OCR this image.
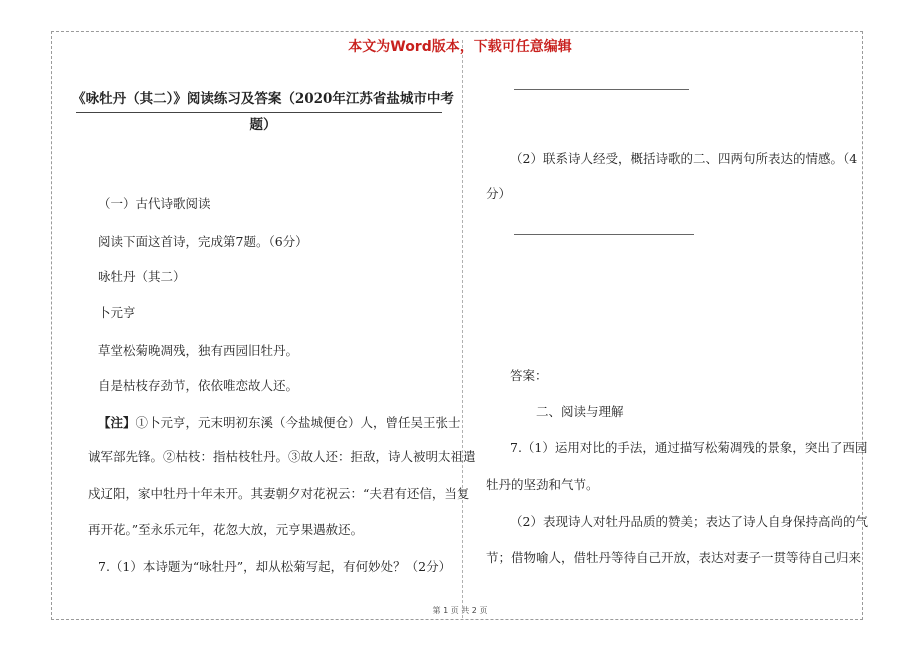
本文为Word版本，下载可任意编辑
《咏牡丹（其二）》阅读练习及答案（2020年江苏省盐城市中考
题）
（一）古代诗歌阅读
阅读下面这首诗，完成第7题。（6分）
咏牡丹（其二）
卜元亨
草堂松菊晚凋残，独有西园旧牡丹。
自是枯枝存劲节，依依唯恋故人还。
【注】①卜元亨，元末明初东溪（今盐城便仓）人，曾任吴王张士
诚军部先锋。②枯枝：指枯枝牡丹。③故人还：拒敌，诗人被明太祖遣
戍辽阳，家中牡丹十年未开。其妻朝夕对花祝云：“夫君有还信，当复
再开花。”至永乐元年，花忽大放，元亨果遇赦还。
7.（1）本诗题为“咏牡丹”，却从松菊写起，有何妙处？（2分）
（2）联系诗人经受，概括诗歌的二、四两句所表达的情感。（4
分）
答案：
二、阅读与理解
7.（1）运用对比的手法，通过描写松菊凋残的景象，突出了西园
牡丹的坚劲和气节。
（2）表现诗人对牡丹品质的赞美；表达了诗人自身保持高尚的气
节；借物喻人，借牡丹等待自己开放，表达对妻子一贯等待自己归来
第 1 页 共 2 页
